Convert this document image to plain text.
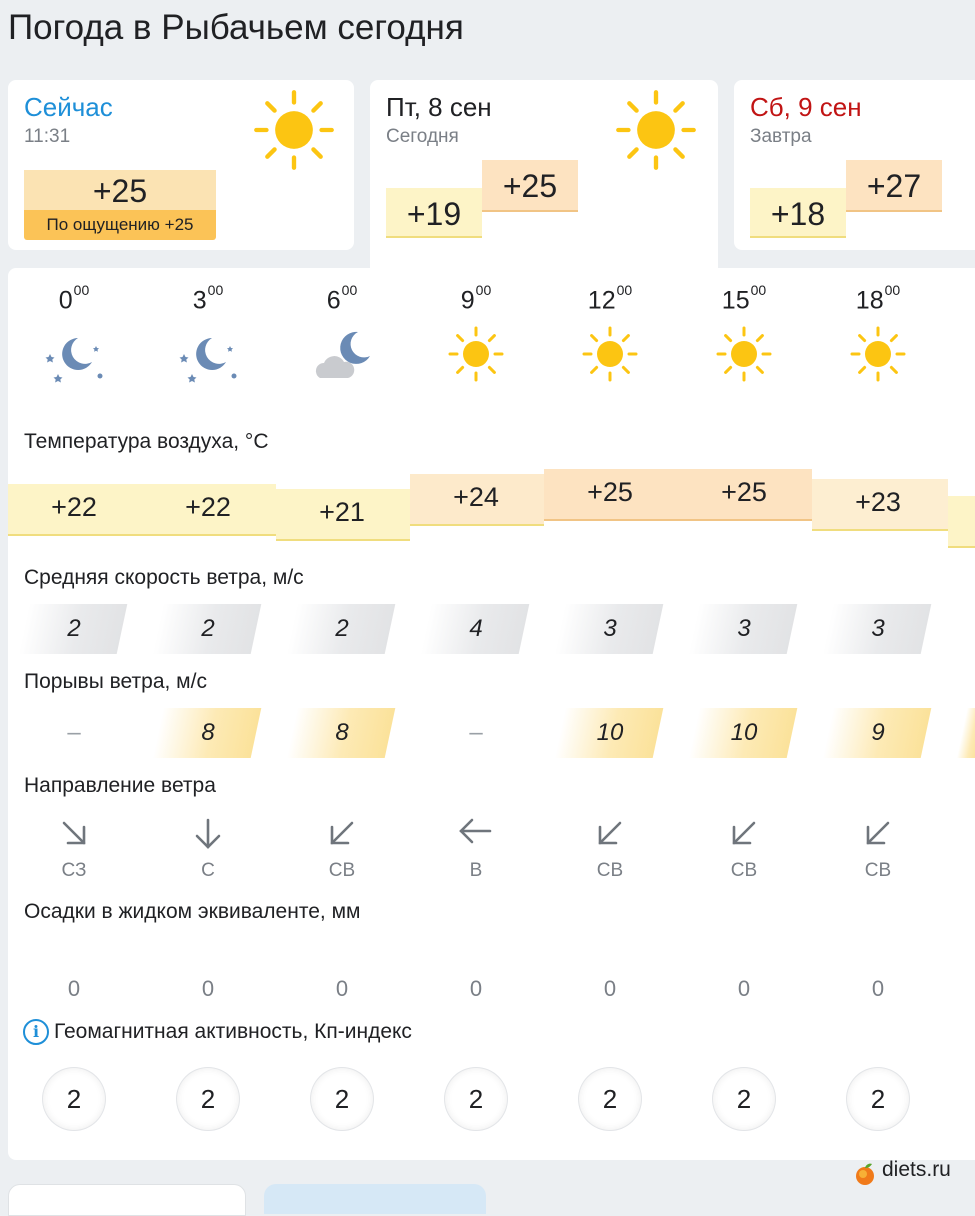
Погода в Рыбачьем сегодня
Сейчас
11:31
+25
По ощущению +25
Пт, 8 сен
Сегодня
+19
+25
Сб, 9 сен
Завтра
+18
+27
$0^{00}$	$3^{00}$	$6^{00}$	$9^{00}$	$12^{00}$	$15^{00}$	$18^{00}$
Температура воздуха, °C
+22	+22	+21	+24	+25	+25	+23
Средняя скорость ветра, м/с
2	2	2	4	3	3	3
Порывы ветра, м/с
–	8	8	–	10	10	9
Направление ветра
СЗ	С	СВ	В	СВ	СВ	СВ
Осадки в жидком эквиваленте, мм
0	0	0	0	0	0	0
i Геомагнитная активность, Кп-индекс
2	2	2	2	2	2	2
diets.ru
